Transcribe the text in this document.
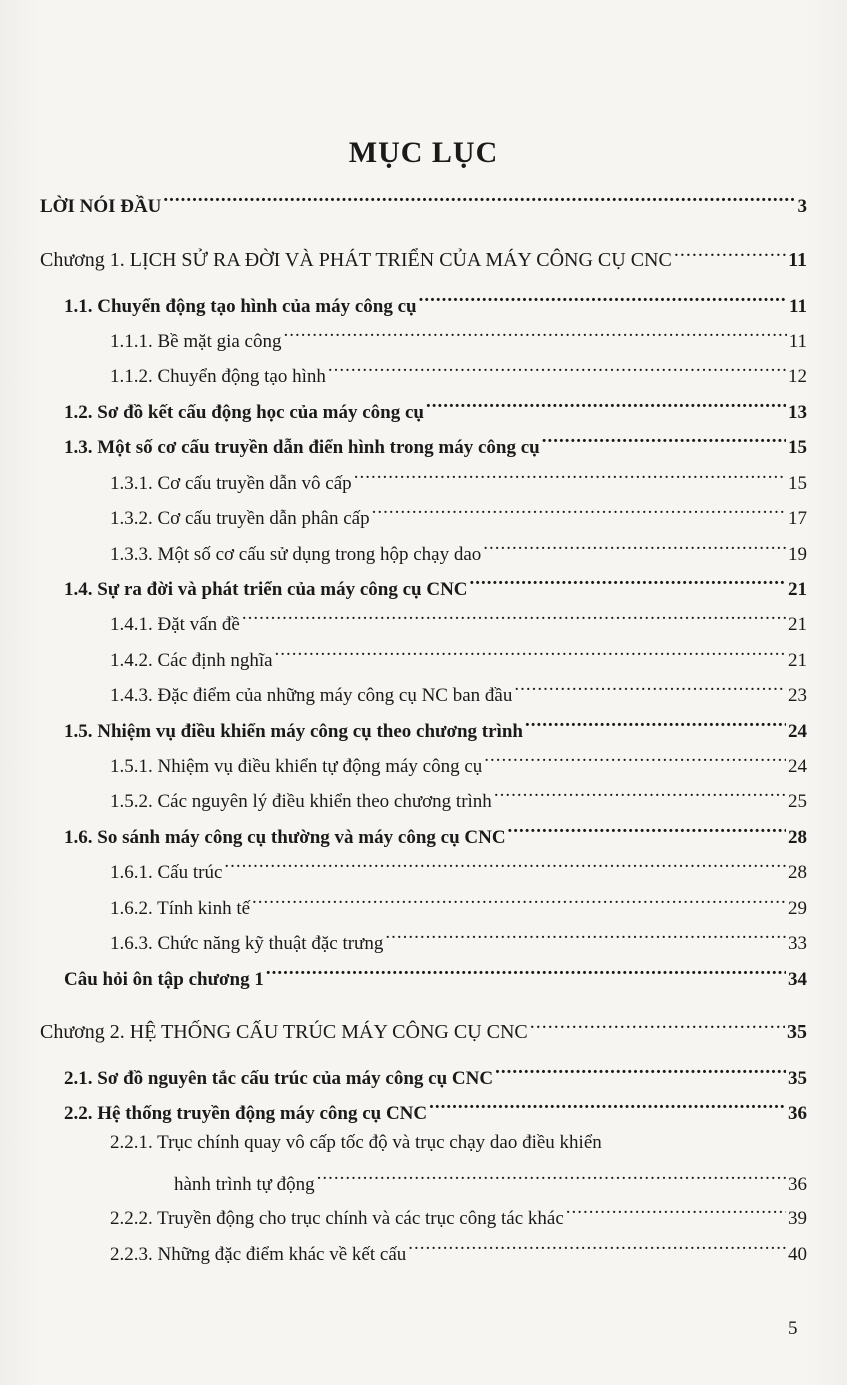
MỤC LỤC
LỜI NÓI ĐẦU .....	3
Chương 1. LỊCH SỬ RA ĐỜI VÀ PHÁT TRIỂN CỦA MÁY CÔNG CỤ CNC .....	11
1.1. Chuyển động tạo hình của máy công cụ .....	11
1.1.1. Bề mặt gia công .....	11
1.1.2. Chuyển động tạo hình .....	12
1.2. Sơ đồ kết cấu động học của máy công cụ .....	13
1.3. Một số cơ cấu truyền dẫn điển hình trong máy công cụ .....	15
1.3.1. Cơ cấu truyền dẫn vô cấp .....	15
1.3.2. Cơ cấu truyền dẫn phân cấp .....	17
1.3.3. Một số cơ cấu sử dụng trong hộp chạy dao .....	19
1.4. Sự ra đời và phát triển của máy công cụ CNC .....	21
1.4.1. Đặt vấn đề .....	21
1.4.2. Các định nghĩa .....	21
1.4.3. Đặc điểm của những máy công cụ NC ban đầu .....	23
1.5. Nhiệm vụ điều khiển máy công cụ theo chương trình .....	24
1.5.1. Nhiệm vụ điều khiển tự động máy công cụ .....	24
1.5.2. Các nguyên lý điều khiển theo chương trình .....	25
1.6. So sánh máy công cụ thường và máy công cụ CNC .....	28
1.6.1. Cấu trúc .....	28
1.6.2. Tính kinh tế .....	29
1.6.3. Chức năng kỹ thuật đặc trưng .....	33
Câu hỏi ôn tập chương 1 .....	34
Chương 2. HỆ THỐNG CẤU TRÚC MÁY CÔNG CỤ CNC .....	35
2.1. Sơ đồ nguyên tắc cấu trúc của máy công cụ CNC .....	35
2.2. Hệ thống truyền động máy công cụ CNC .....	36
2.2.1. Trục chính quay vô cấp tốc độ và trục chạy dao điều khiển
hành trình tự động .....	36
2.2.2. Truyền động cho trục chính và các trục công tác khác .....	39
2.2.3. Những đặc điểm khác về kết cấu .....	40
5
